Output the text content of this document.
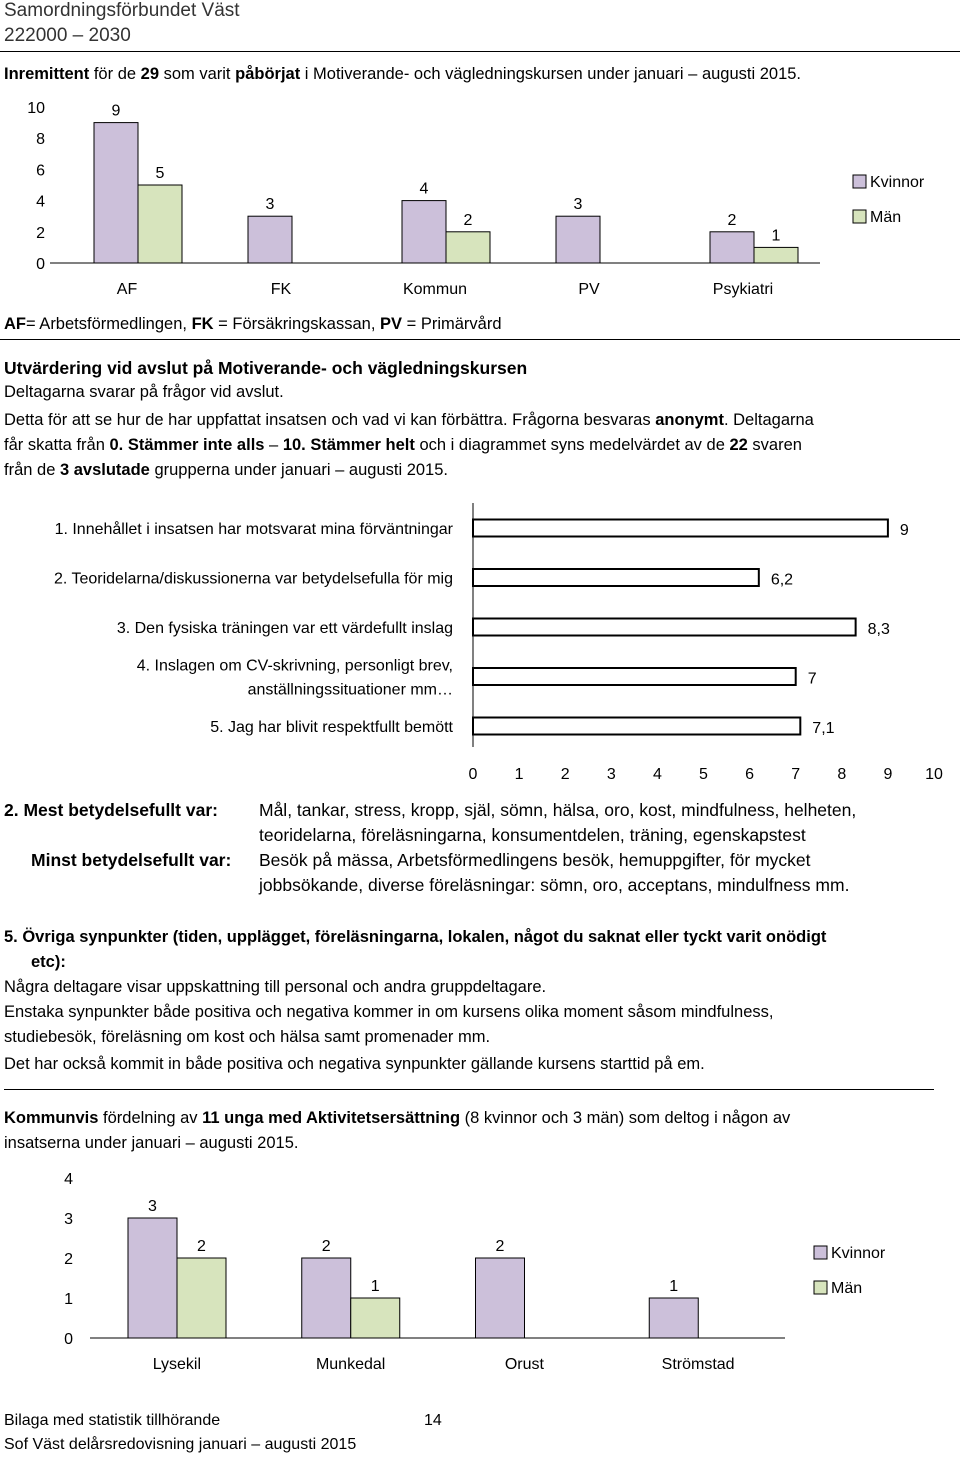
Samordningsförbundet Väst
222000 – 2030
Inremittent för de 29 som varit påbörjat i Motiverande- och vägledningskursen under januari – augusti 2015.
0
2
4
6
8
10
AF
9
5
FK
3
Kommun
4
2
PV
3
Psykiatri
2
1
Kvinnor
Män
AF= Arbetsförmedlingen, FK = Försäkringskassan, PV = Primärvård
Utvärdering vid avslut på Motiverande- och vägledningskursen
Deltagarna svarar på frågor vid avslut.
Detta för att se hur de har uppfattat insatsen och vad vi kan förbättra. Frågorna besvaras anonymt. Deltagarna
får skatta från 0. Stämmer inte alls – 10. Stämmer helt och i diagrammet syns medelvärdet av de 22 svaren
från de 3 avslutade grupperna under januari – augusti 2015.
9
1. Innehållet i insatsen har motsvarat mina förväntningar
6,2
2. Teoridelarna/diskussionerna var betydelsefulla för mig
8,3
3. Den fysiska träningen var ett värdefullt inslag
7
4. Inslagen om CV-skrivning, personligt brev,
anställningssituationer mm…
7,1
5. Jag har blivit respektfullt bemött
0 1 2 3 4 5 6 7 8 9 10
2. Mest betydelsefullt var: Mål, tankar, stress, kropp, själ, sömn, hälsa, oro, kost, mindfulness, helheten,
teoridelarna, föreläsningarna, konsumentdelen, träning, egenskapstest
Minst betydelsefullt var: Besök på mässa, Arbetsförmedlingens besök, hemuppgifter, för mycket
jobbsökande, diverse föreläsningar: sömn, oro, acceptans, mindulfness mm.
5. Övriga synpunkter (tiden, upplägget, föreläsningarna, lokalen, något du saknat eller tyckt varit onödigt
etc):
Några deltagare visar uppskattning till personal och andra gruppdeltagare.
Enstaka synpunkter både positiva och negativa kommer in om kursens olika moment såsom mindfulness,
studiebesök, föreläsning om kost och hälsa samt promenader mm.
Det har också kommit in både positiva och negativa synpunkter gällande kursens starttid på em.
Kommunvis fördelning av 11 unga med Aktivitetsersättning (8 kvinnor och 3 män) som deltog i någon av
insatserna under januari – augusti 2015.
0
1
2
3
4
Lysekil
3
2
Munkedal
2
1
Orust
2
Strömstad
1
Kvinnor
Män
Bilaga med statistik tillhörande	14
Sof Väst delårsredovisning januari – augusti 2015
